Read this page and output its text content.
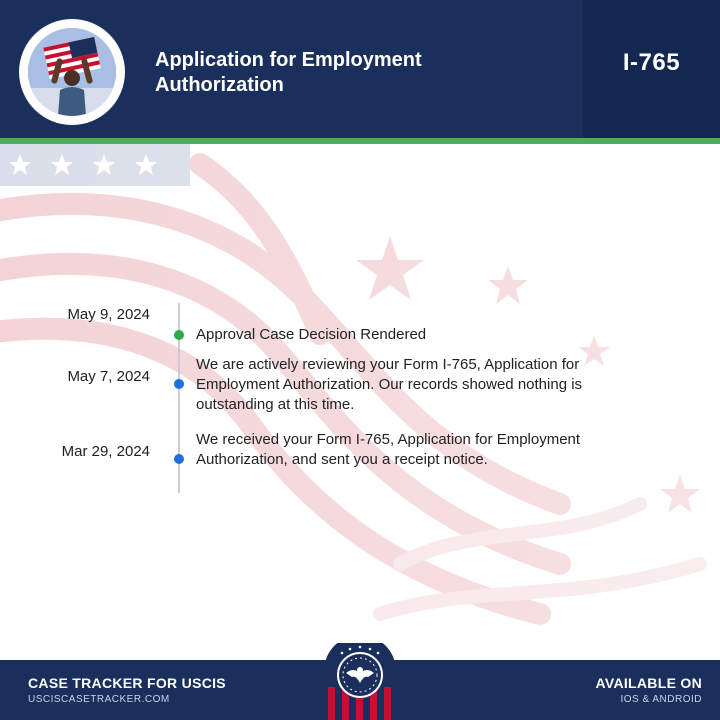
Application for Employment Authorization
I-765
May 9, 2024
Approval Case Decision Rendered
May 7, 2024
We are actively reviewing your Form I-765, Application for Employment Authorization. Our records showed nothing is outstanding at this time.
Mar 29, 2024
We received your Form I-765, Application for Employment Authorization, and sent you a receipt notice.
CASE TRACKER FOR USCIS
USCISCASETRACKER.COM
AVAILABLE ON
IOS & ANDROID
